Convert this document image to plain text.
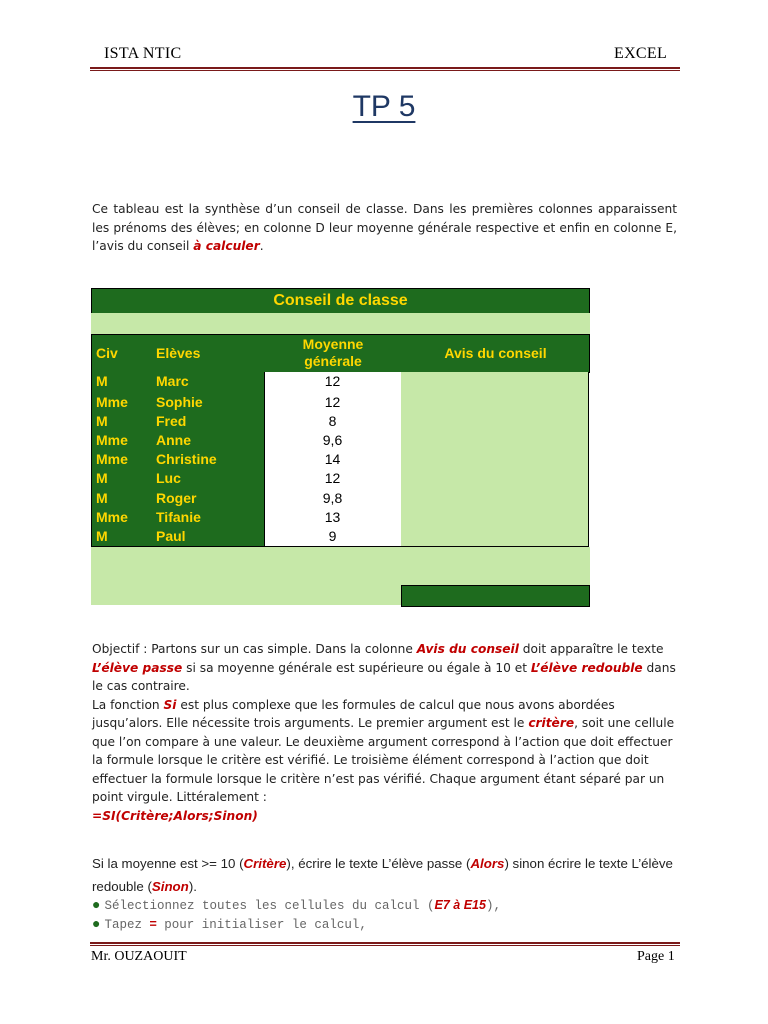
ISTA NTIC	EXCEL
TP 5
Ce tableau est la synthèse d’un conseil de classe. Dans les premières colonnes apparaissent les prénoms des élèves; en colonne D leur moyenne générale respective et enfin en colonne E, l’avis du conseil à calculer.
Conseil de classe
Civ	Elèves
Moyenne générale	Avis du conseil
M	Marc	12
Mme Sophie	12
M	Fred	8
Mme Anne	9,6
Mme Christine	14
M	Luc	12
M	Roger	9,8
Mme Tifanie	13
M	Paul	9
Objectif : Partons sur un cas simple. Dans la colonne Avis du conseil doit apparaître le texte L’élève passe si sa moyenne générale est supérieure ou égale à 10 et L’élève redouble dans le cas contraire.
La fonction Si est plus complexe que les formules de calcul que nous avons abordées jusqu’alors. Elle nécessite trois arguments. Le premier argument est le critère, soit une cellule que l’on compare à une valeur. Le deuxième argument correspond à l’action que doit effectuer la formule lorsque le critère est vérifié. Le troisième élément correspond à l’action que doit effectuer la formule lorsque le critère n’est pas vérifié. Chaque argument étant séparé par un point virgule. Littéralement :
=SI(Critère;Alors;Sinon)
Si la moyenne est >= 10 (Critère), écrire le texte L’élève passe (Alors) sinon écrire le texte L’élève redouble (Sinon).
● Sélectionnez toutes les cellules du calcul (E7 à E15),
● Tapez = pour initialiser le calcul,
Mr. OUZAOUIT	Page 1
